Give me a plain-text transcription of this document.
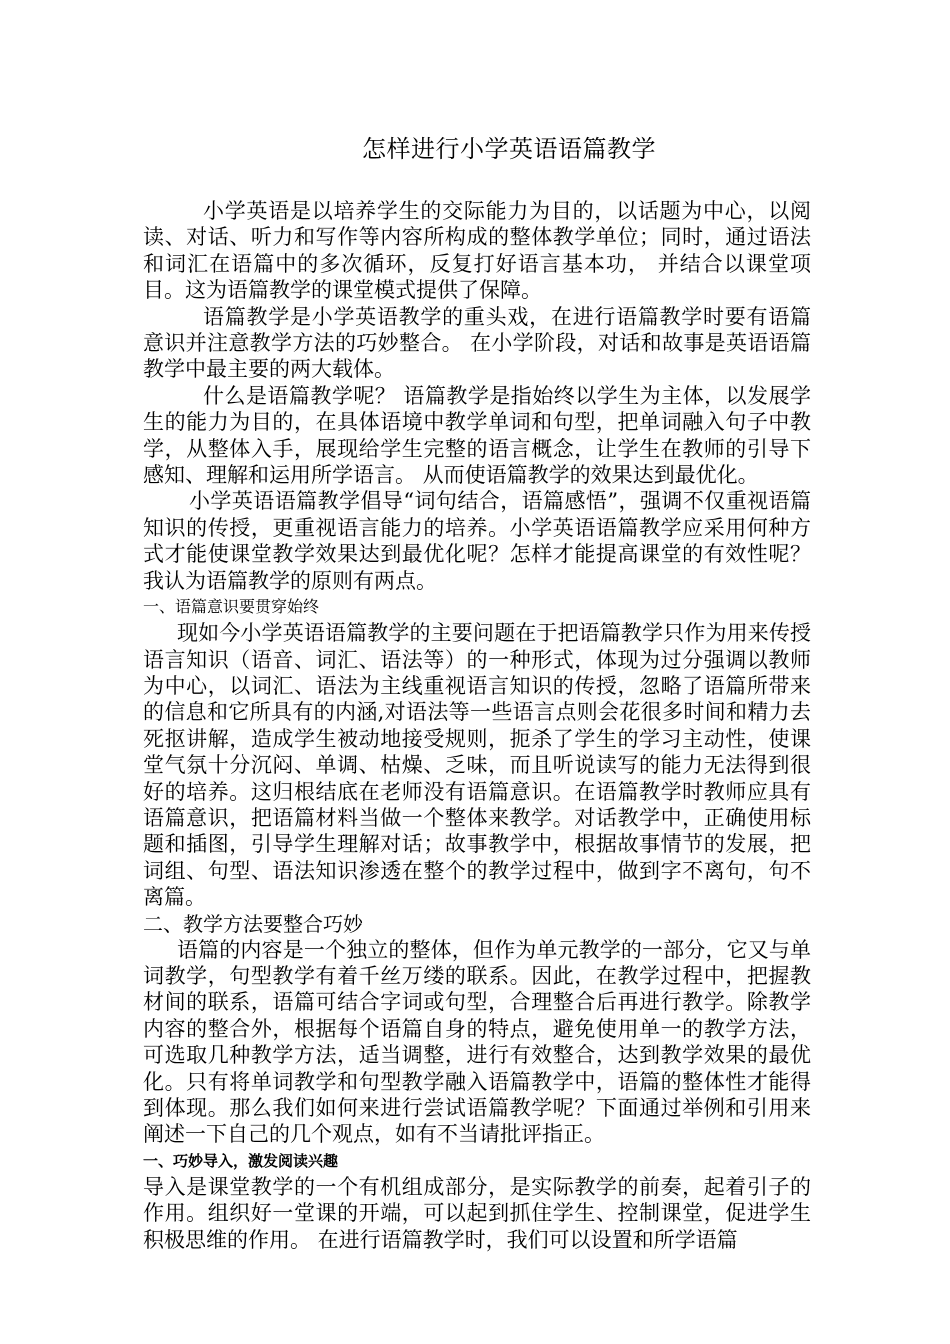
怎样进行小学英语语篇教学

小学英语是以培养学生的交际能力为目的，以话题为中心，以阅读、对话、听力和写作等内容所构成的整体教学单位；同时，通过语法和词汇在语篇中的多次循环，反复打好语言基本功， 并结合以课堂项目。这为语篇教学的课堂模式提供了保障。

语篇教学是小学英语教学的重头戏，在进行语篇教学时要有语篇意识并注意教学方法的巧妙整合。 在小学阶段，对话和故事是英语语篇教学中最主要的两大载体。

什么是语篇教学呢？ 语篇教学是指始终以学生为主体，以发展学生的能力为目的，在具体语境中教学单词和句型，把单词融入句子中教学，从整体入手，展现给学生完整的语言概念，让学生在教师的引导下感知、理解和运用所学语言。 从而使语篇教学的效果达到最优化。

小学英语语篇教学倡导“词句结合，语篇感悟”，强调不仅重视语篇知识的传授，更重视语言能力的培养。小学英语语篇教学应采用何种方式才能使课堂教学效果达到最优化呢？怎样才能提高课堂的有效性呢？我认为语篇教学的原则有两点。

一、语篇意识要贯穿始终

现如今小学英语语篇教学的主要问题在于把语篇教学只作为用来传授语言知识（语音、词汇、语法等）的一种形式，体现为过分强调以教师为中心，以词汇、语法为主线重视语言知识的传授，忽略了语篇所带来的信息和它所具有的内涵,对语法等一些语言点则会花很多时间和精力去死抠讲解，造成学生被动地接受规则，扼杀了学生的学习主动性，使课堂气氛十分沉闷、单调、枯燥、乏味，而且听说读写的能力无法得到很好的培养。这归根结底在老师没有语篇意识。在语篇教学时教师应具有语篇意识，把语篇材料当做一个整体来教学。对话教学中，正确使用标题和插图，引导学生理解对话；故事教学中，根据故事情节的发展，把词组、句型、语法知识渗透在整个的教学过程中，做到字不离句，句不离篇。

二、教学方法要整合巧妙

语篇的内容是一个独立的整体，但作为单元教学的一部分，它又与单词教学，句型教学有着千丝万缕的联系。因此，在教学过程中，把握教材间的联系，语篇可结合字词或句型，合理整合后再进行教学。除教学内容的整合外，根据每个语篇自身的特点，避免使用单一的教学方法，可选取几种教学方法，适当调整，进行有效整合，达到教学效果的最优化。只有将单词教学和句型教学融入语篇教学中，语篇的整体性才能得到体现。那么我们如何来进行尝试语篇教学呢？下面通过举例和引用来阐述一下自己的几个观点，如有不当请批评指正。

一、巧妙导入，激发阅读兴趣

导入是课堂教学的一个有机组成部分，是实际教学的前奏，起着引子的作用。组织好一堂课的开端，可以起到抓住学生、控制课堂，促进学生积极思维的作用。 在进行语篇教学时，我们可以设置和所学语篇
